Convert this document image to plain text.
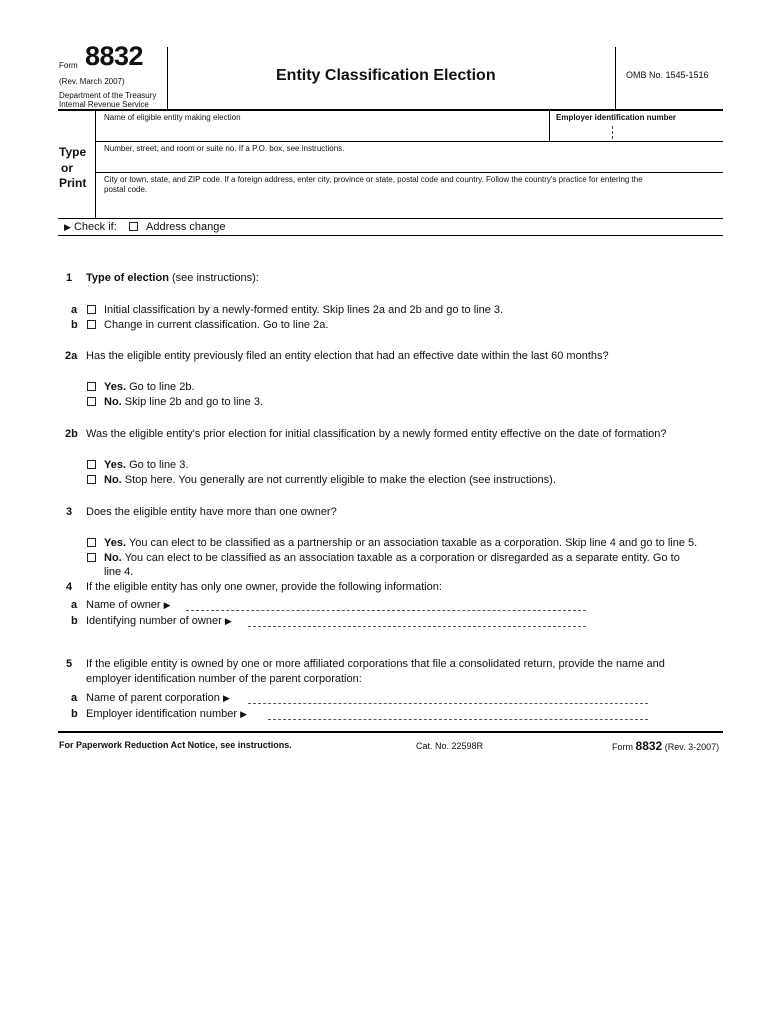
Form 8832
(Rev. March 2007)
Department of the Treasury
Internal Revenue Service
Entity Classification Election	OMB No. 1545-1516
Type
or
Print
Name of eligible entity making election	Employer identification number
Number, street, and room or suite no. If a P.O. box, see instructions.
City or town, state, and ZIP code. If a foreign address, enter city, province or state, postal code and country. Follow the country's practice for entering the
postal code.
▶ Check if:	Address change
1 Type of election (see instructions):
a Initial classification by a newly-formed entity. Skip lines 2a and 2b and go to line 3.
b Change in current classification. Go to line 2a.
2a Has the eligible entity previously filed an entity election that had an effective date within the last 60 months?
Yes. Go to line 2b.
No. Skip line 2b and go to line 3.
2b Was the eligible entity's prior election for initial classification by a newly formed entity effective on the date of formation?
Yes. Go to line 3.
No. Stop here. You generally are not currently eligible to make the election (see instructions).
3 Does the eligible entity have more than one owner?
Yes. You can elect to be classified as a partnership or an association taxable as a corporation. Skip line 4 and go to line 5.
No. You can elect to be classified as an association taxable as a corporation or disregarded as a separate entity. Go to
line 4.
4 If the eligible entity has only one owner, provide the following information:
a Name of owner ▶
b Identifying number of owner ▶
5 If the eligible entity is owned by one or more affiliated corporations that file a consolidated return, provide the name and
employer identification number of the parent corporation:
a Name of parent corporation ▶
b Employer identification number ▶
For Paperwork Reduction Act Notice, see instructions.	Cat. No. 22598R	Form 8832 (Rev. 3-2007)
